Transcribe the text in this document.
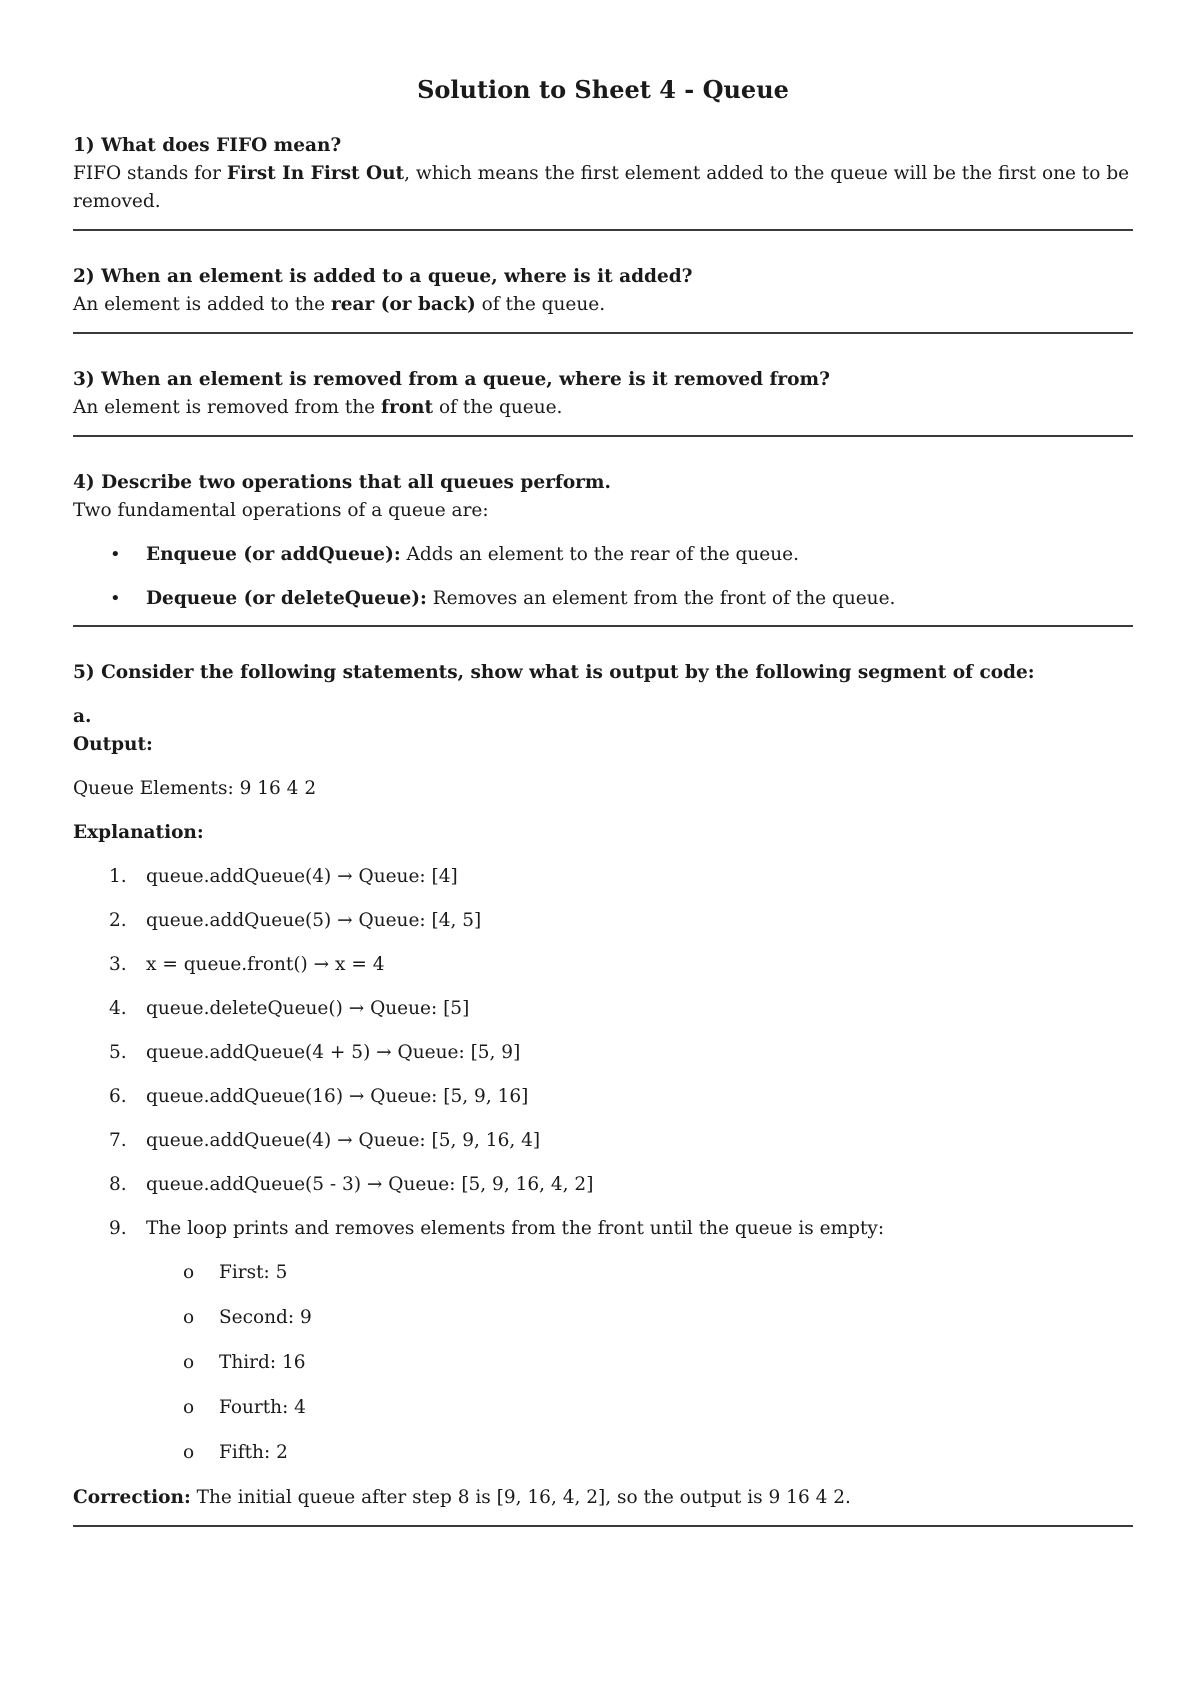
Solution to Sheet 4 - Queue

1) What does FIFO mean?

FIFO stands for First In First Out, which means the first element added to the queue will be the first one to be removed.

2) When an element is added to a queue, where is it added?

An element is added to the rear (or back) of the queue.

3) When an element is removed from a queue, where is it removed from?

An element is removed from the front of the queue.

4) Describe two operations that all queues perform.

Two fundamental operations of a queue are:

• Enqueue (or addQueue): Adds an element to the rear of the queue.
• Dequeue (or deleteQueue): Removes an element from the front of the queue.

5) Consider the following statements, show what is output by the following segment of code:

a.

Output:

Queue Elements: 9 16 4 2

Explanation:

1. queue.addQueue(4) → Queue: [4]
2. queue.addQueue(5) → Queue: [4, 5]
3. x = queue.front() → x = 4
4. queue.deleteQueue() → Queue: [5]
5. queue.addQueue(4 + 5) → Queue: [5, 9]
6. queue.addQueue(16) → Queue: [5, 9, 16]
7. queue.addQueue(4) → Queue: [5, 9, 16, 4]
8. queue.addQueue(5 - 3) → Queue: [5, 9, 16, 4, 2]
9. The loop prints and removes elements from the front until the queue is empty:
o First: 5
o Second: 9
o Third: 16
o Fourth: 4
o Fifth: 2

Correction: The initial queue after step 8 is [9, 16, 4, 2], so the output is 9 16 4 2.
